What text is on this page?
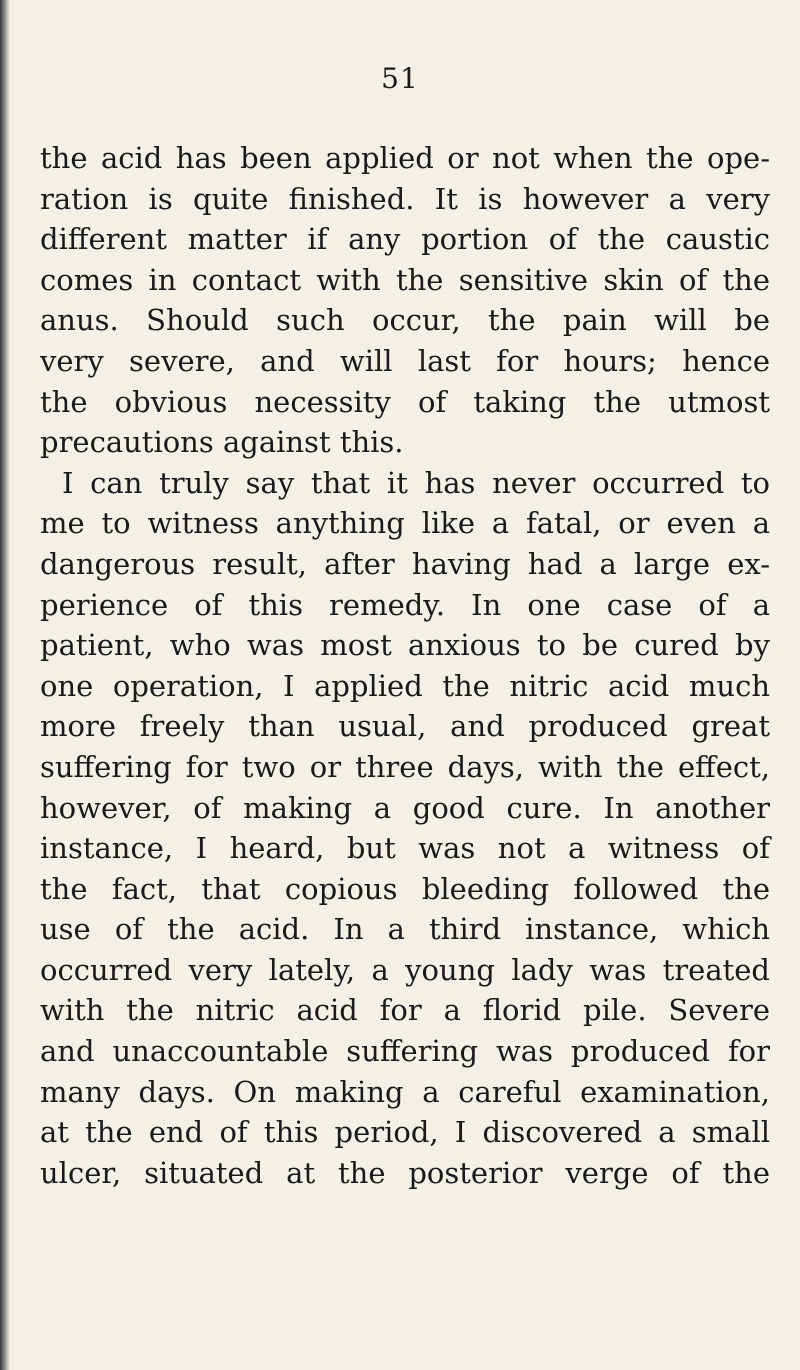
51
the acid has been applied or not when the ope-
ration is quite finished. It is however a very
different matter if any portion of the caustic
comes in contact with the sensitive skin of the
anus. Should such occur, the pain will be
very severe, and will last for hours; hence
the obvious necessity of taking the utmost
precautions against this.
I can truly say that it has never occurred to
me to witness anything like a fatal, or even a
dangerous result, after having had a large ex-
perience of this remedy. In one case of a
patient, who was most anxious to be cured by
one operation, I applied the nitric acid much
more freely than usual, and produced great
suffering for two or three days, with the effect,
however, of making a good cure. In another
instance, I heard, but was not a witness of
the fact, that copious bleeding followed the
use of the acid. In a third instance, which
occurred very lately, a young lady was treated
with the nitric acid for a florid pile. Severe
and unaccountable suffering was produced for
many days. On making a careful examination,
at the end of this period, I discovered a small
ulcer, situated at the posterior verge of the
